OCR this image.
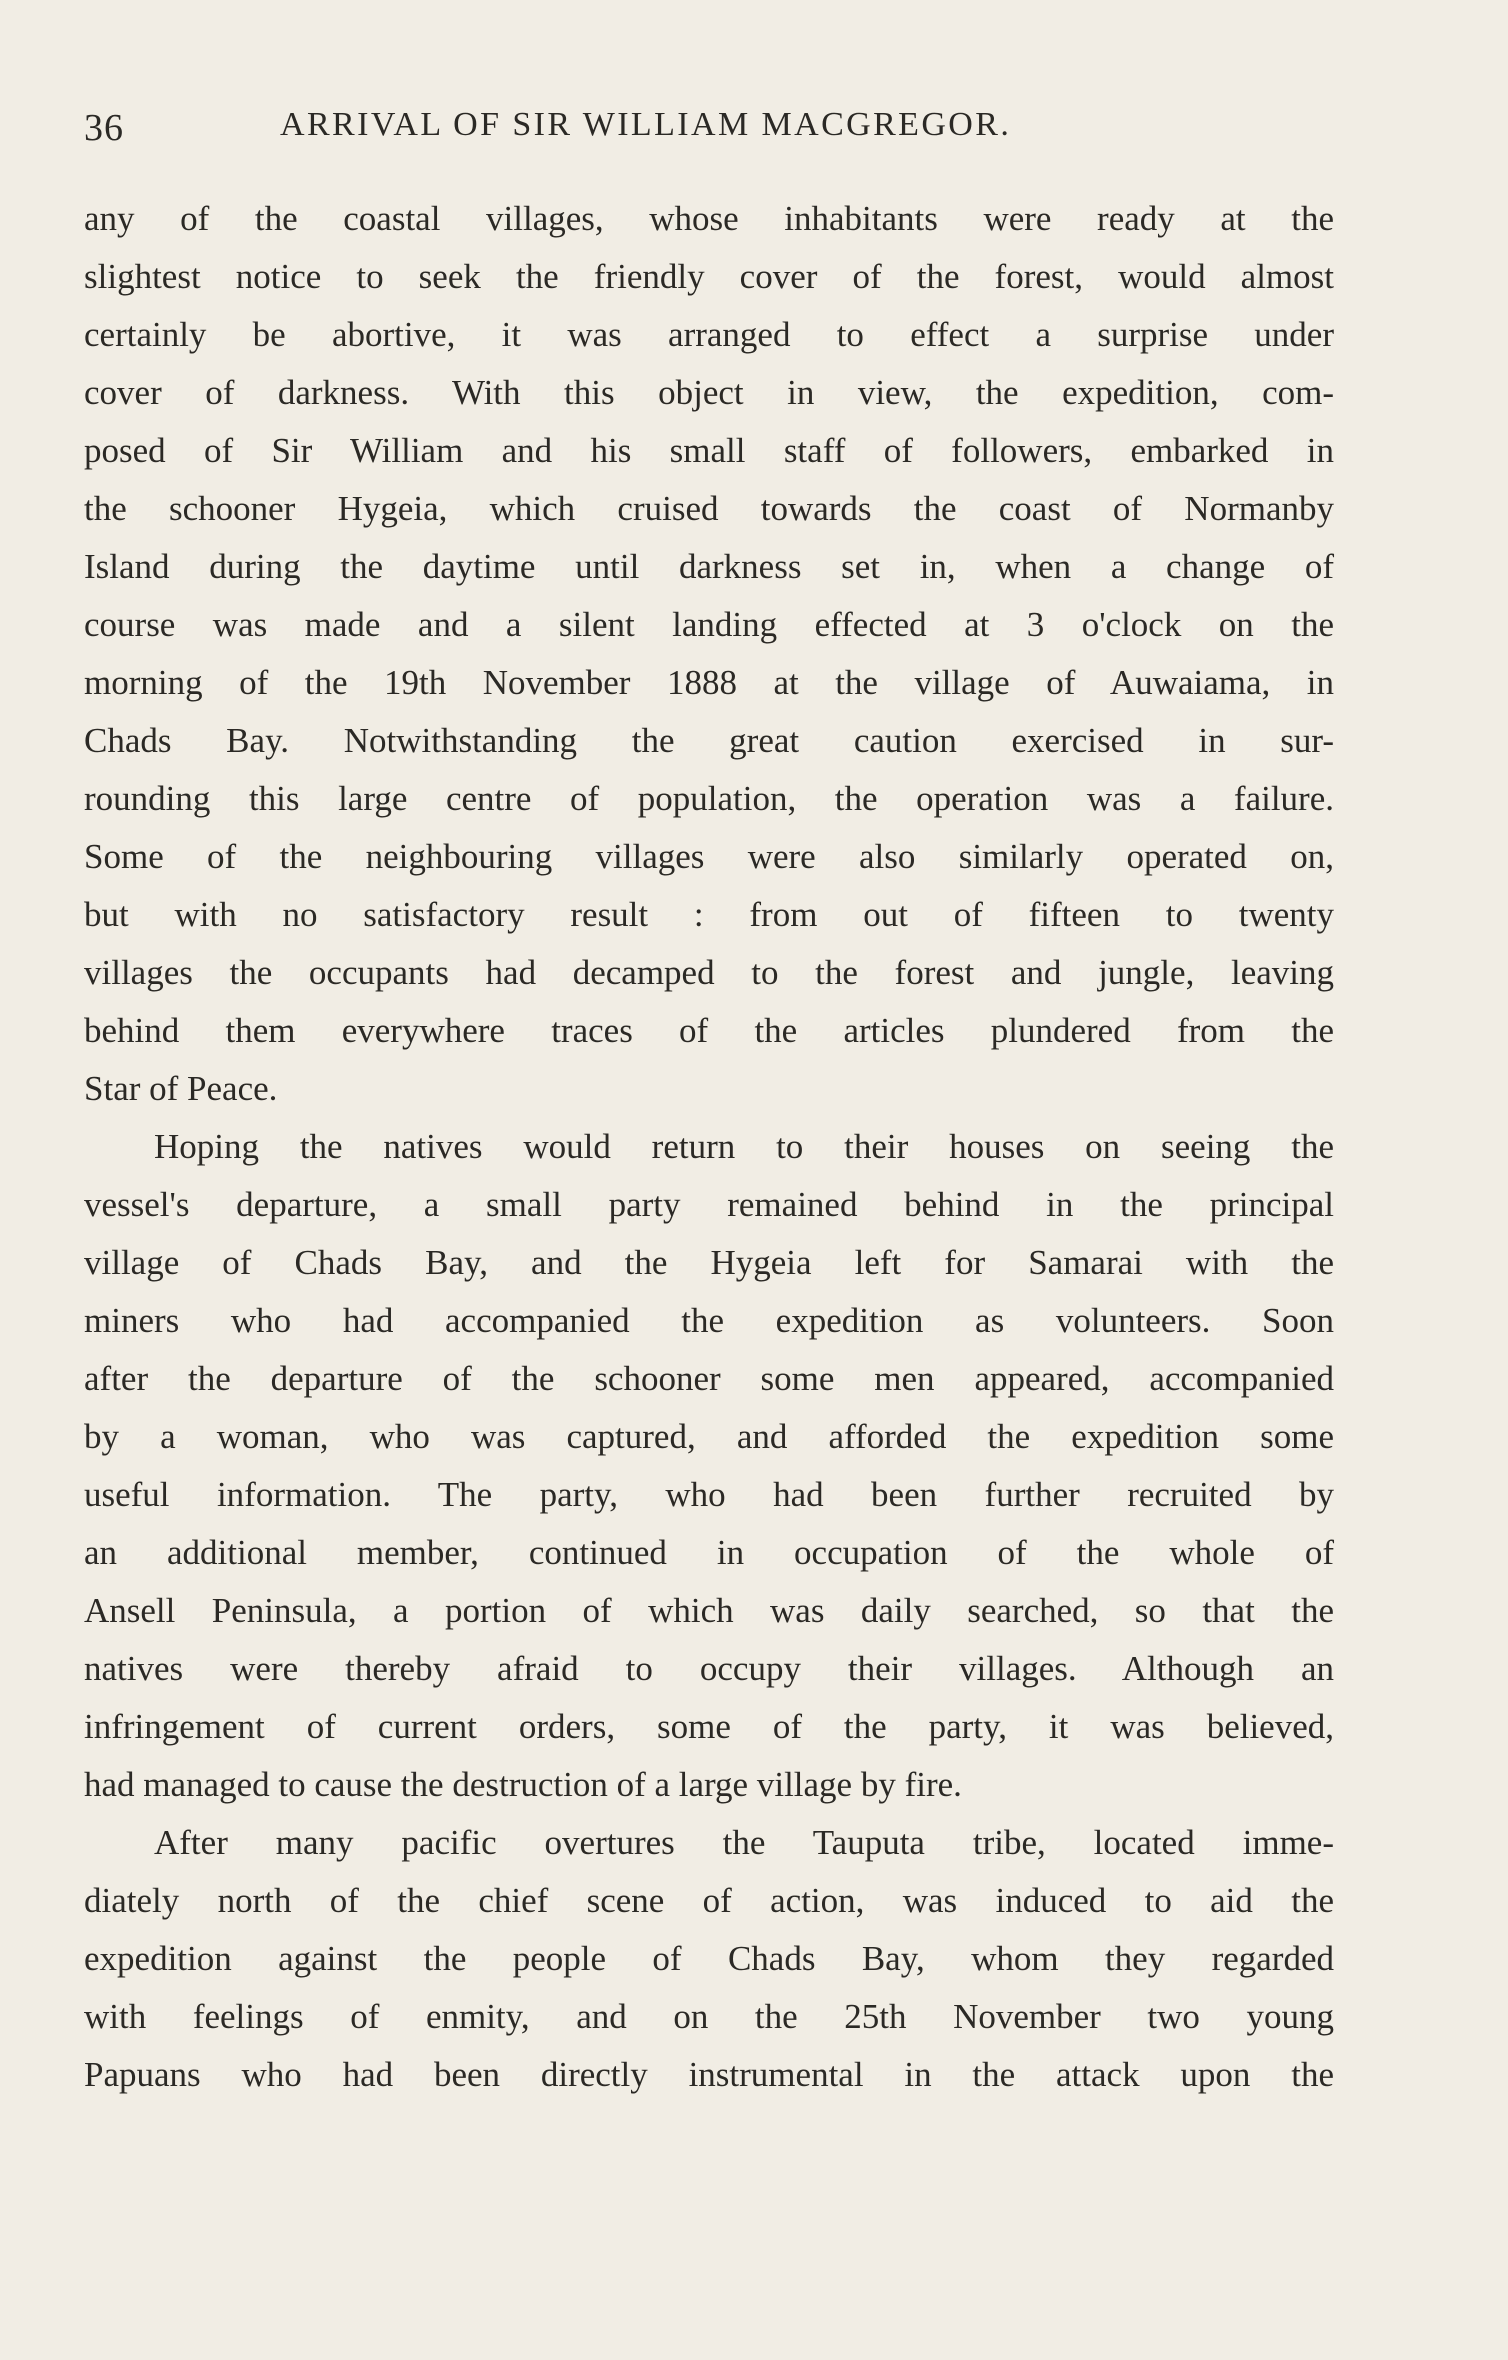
36	ARRIVAL OF SIR WILLIAM MACGREGOR.
any of the coastal villages, whose inhabitants were ready at the
slightest notice to seek the friendly cover of the forest, would almost
certainly be abortive, it was arranged to effect a surprise under
cover of darkness. With this object in view, the expedition, com-
posed of Sir William and his small staff of followers, embarked in
the schooner Hygeia, which cruised towards the coast of Normanby
Island during the daytime until darkness set in, when a change of
course was made and a silent landing effected at 3 o'clock on the
morning of the 19th November 1888 at the village of Auwaiama, in
Chads Bay. Notwithstanding the great caution exercised in sur-
rounding this large centre of population, the operation was a failure.
Some of the neighbouring villages were also similarly operated on,
but with no satisfactory result : from out of fifteen to twenty
villages the occupants had decamped to the forest and jungle, leaving
behind them everywhere traces of the articles plundered from the
Star of Peace.
Hoping the natives would return to their houses on seeing the
vessel's departure, a small party remained behind in the principal
village of Chads Bay, and the Hygeia left for Samarai with the
miners who had accompanied the expedition as volunteers. Soon
after the departure of the schooner some men appeared, accompanied
by a woman, who was captured, and afforded the expedition some
useful information. The party, who had been further recruited by
an additional member, continued in occupation of the whole of
Ansell Peninsula, a portion of which was daily searched, so that the
natives were thereby afraid to occupy their villages. Although an
infringement of current orders, some of the party, it was believed,
had managed to cause the destruction of a large village by fire.
After many pacific overtures the Tauputa tribe, located imme-
diately north of the chief scene of action, was induced to aid the
expedition against the people of Chads Bay, whom they regarded
with feelings of enmity, and on the 25th November two young
Papuans who had been directly instrumental in the attack upon the
